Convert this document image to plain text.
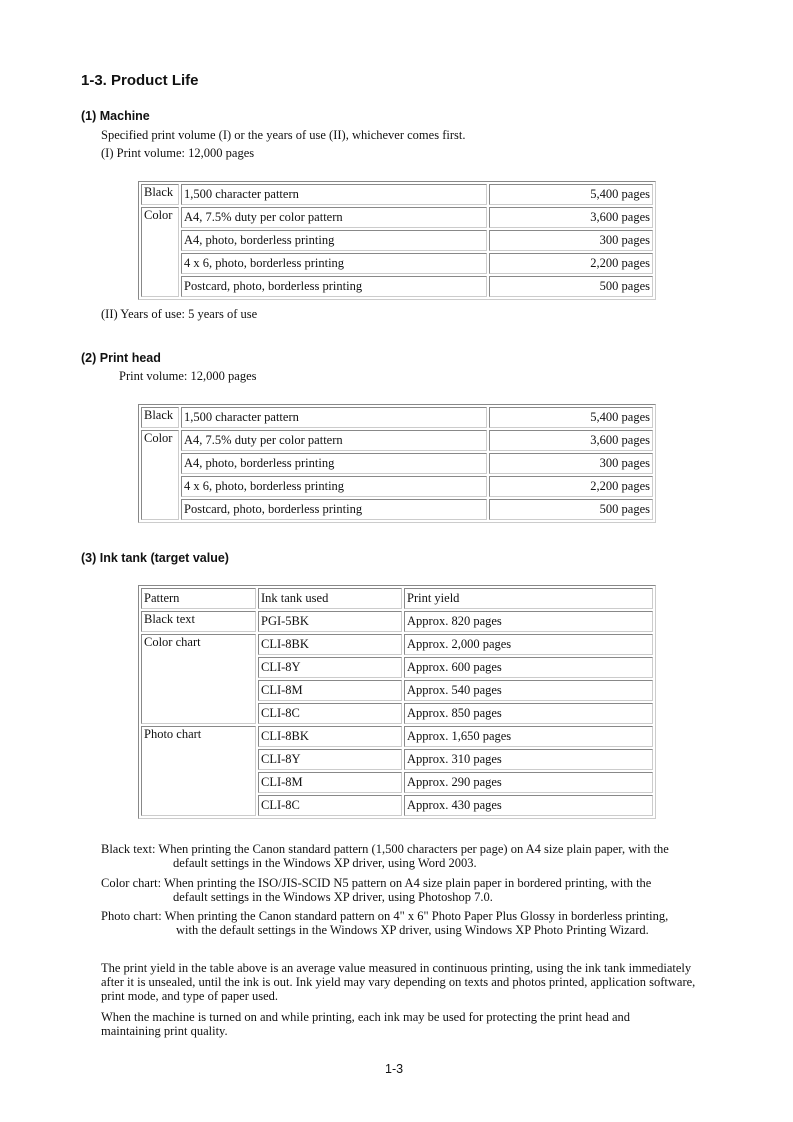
1-3. Product Life
(1) Machine
Specified print volume (I) or the years of use (II), whichever comes first.
(I) Print volume: 12,000 pages
Black	1,500 character pattern	5,400 pages
Color	A4, 7.5% duty per color pattern	3,600 pages
	A4, photo, borderless printing	300 pages
	4 x 6, photo, borderless printing	2,200 pages
	Postcard, photo, borderless printing	500 pages
(II) Years of use: 5 years of use
(2) Print head
Print volume: 12,000 pages
Black	1,500 character pattern	5,400 pages
Color	A4, 7.5% duty per color pattern	3,600 pages
	A4, photo, borderless printing	300 pages
	4 x 6, photo, borderless printing	2,200 pages
	Postcard, photo, borderless printing	500 pages
(3) Ink tank (target value)
Pattern	Ink tank used	Print yield
Black text	PGI-5BK	Approx. 820 pages
Color chart	CLI-8BK	Approx. 2,000 pages
	CLI-8Y	Approx. 600 pages
	CLI-8M	Approx. 540 pages
	CLI-8C	Approx. 850 pages
Photo chart	CLI-8BK	Approx. 1,650 pages
	CLI-8Y	Approx. 310 pages
	CLI-8M	Approx. 290 pages
	CLI-8C	Approx. 430 pages
Black text: When printing the Canon standard pattern (1,500 characters per page) on A4 size plain paper, with the
default settings in the Windows XP driver, using Word 2003.
Color chart: When printing the ISO/JIS-SCID N5 pattern on A4 size plain paper in bordered printing, with the
default settings in the Windows XP driver, using Photoshop 7.0.
Photo chart: When printing the Canon standard pattern on 4" x 6" Photo Paper Plus Glossy in borderless printing,
with the default settings in the Windows XP driver, using Windows XP Photo Printing Wizard.
The print yield in the table above is an average value measured in continuous printing, using the ink tank immediately after it is unsealed, until the ink is out. Ink yield may vary depending on texts and photos printed, application software, print mode, and type of paper used.
When the machine is turned on and while printing, each ink may be used for protecting the print head and maintaining print quality.
1-3
